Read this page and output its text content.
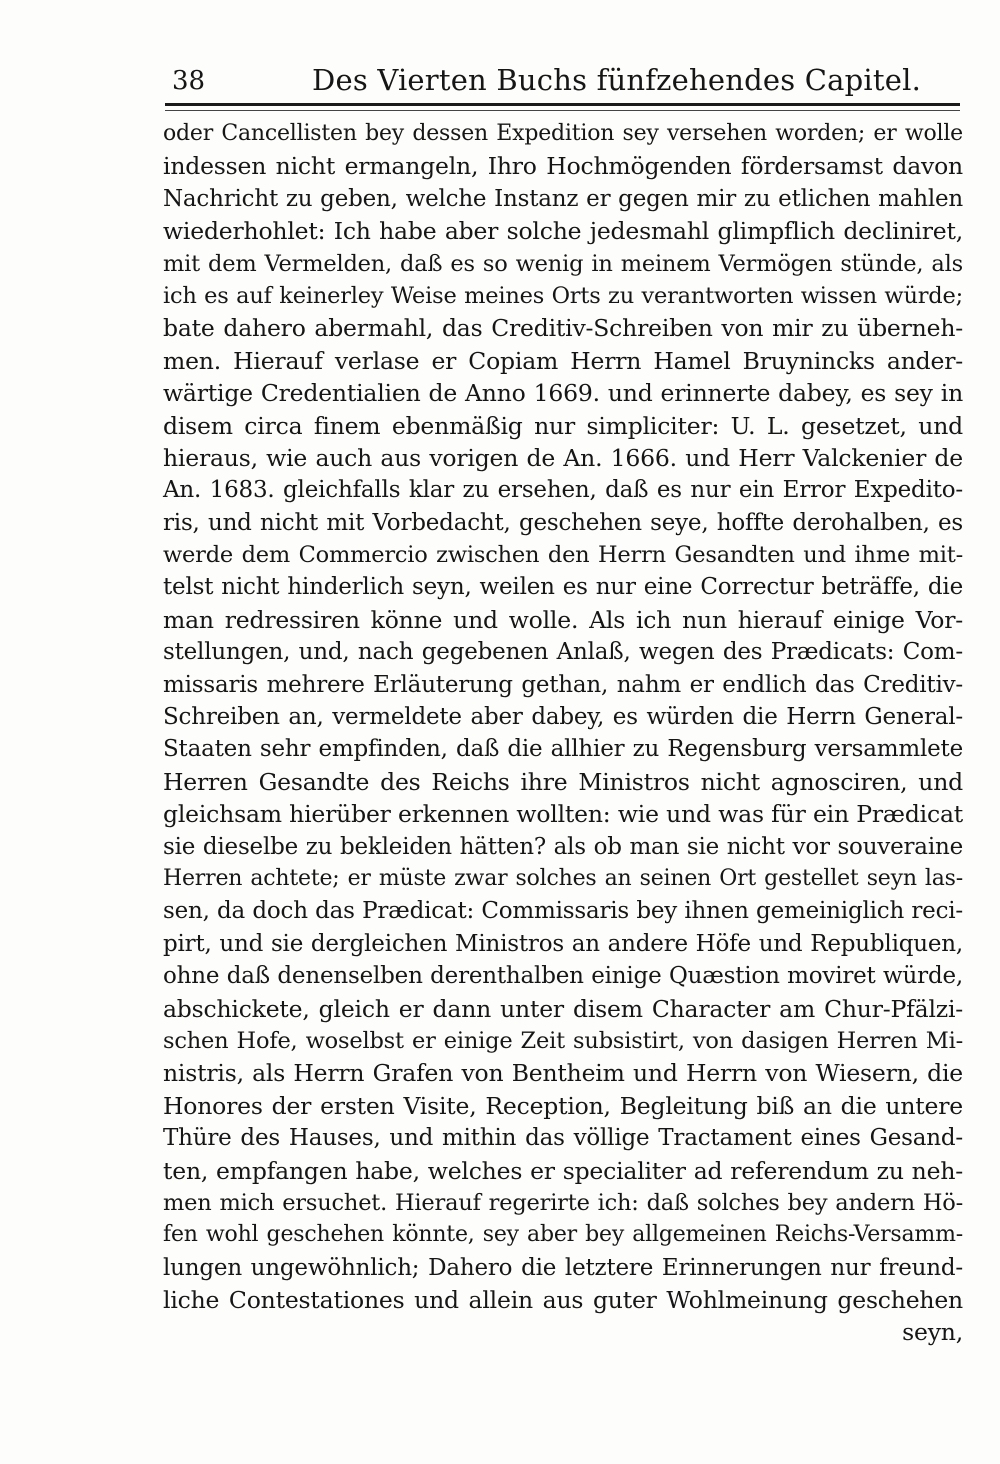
38	Des Vierten Buchs fünfzehendes Capitel.
oder Cancellisten bey dessen Expedition sey versehen worden; er wolle
indessen nicht ermangeln, Ihro Hochmögenden fördersamst davon
Nachricht zu geben, welche Instanz er gegen mir zu etlichen mahlen
wiederhohlet: Ich habe aber solche jedesmahl glimpflich decliniret,
mit dem Vermelden, daß es so wenig in meinem Vermögen stünde, als
ich es auf keinerley Weise meines Orts zu verantworten wissen würde;
bate dahero abermahl, das Creditiv-Schreiben von mir zu überneh-
men. Hierauf verlase er Copiam Herrn Hamel Bruynincks ander-
wärtige Credentialien de Anno 1669. und erinnerte dabey, es sey in
disem circa finem ebenmäßig nur simpliciter: U. L. gesetzet, und
hieraus, wie auch aus vorigen de An. 1666. und Herr Valckenier de
An. 1683. gleichfalls klar zu ersehen, daß es nur ein Error Expedito-
ris, und nicht mit Vorbedacht, geschehen seye, hoffte derohalben, es
werde dem Commercio zwischen den Herrn Gesandten und ihme mit-
telst nicht hinderlich seyn, weilen es nur eine Correctur beträffe, die
man redressiren könne und wolle. Als ich nun hierauf einige Vor-
stellungen, und, nach gegebenen Anlaß, wegen des Prædicats: Com-
missaris mehrere Erläuterung gethan, nahm er endlich das Creditiv-
Schreiben an, vermeldete aber dabey, es würden die Herrn General-
Staaten sehr empfinden, daß die allhier zu Regensburg versammlete
Herren Gesandte des Reichs ihre Ministros nicht agnosciren, und
gleichsam hierüber erkennen wollten: wie und was für ein Prædicat
sie dieselbe zu bekleiden hätten? als ob man sie nicht vor souveraine
Herren achtete; er müste zwar solches an seinen Ort gestellet seyn las-
sen, da doch das Prædicat: Commissaris bey ihnen gemeiniglich reci-
pirt, und sie dergleichen Ministros an andere Höfe und Republiquen,
ohne daß denenselben derenthalben einige Quæstion moviret würde,
abschickete, gleich er dann unter disem Character am Chur-Pfälzi-
schen Hofe, woselbst er einige Zeit subsistirt, von dasigen Herren Mi-
nistris, als Herrn Grafen von Bentheim und Herrn von Wiesern, die
Honores der ersten Visite, Reception, Begleitung biß an die untere
Thüre des Hauses, und mithin das völlige Tractament eines Gesand-
ten, empfangen habe, welches er specialiter ad referendum zu neh-
men mich ersuchet. Hierauf regerirte ich: daß solches bey andern Hö-
fen wohl geschehen könnte, sey aber bey allgemeinen Reichs-Versamm-
lungen ungewöhnlich; Dahero die letztere Erinnerungen nur freund-
liche Contestationes und allein aus guter Wohlmeinung geschehen
seyn,
